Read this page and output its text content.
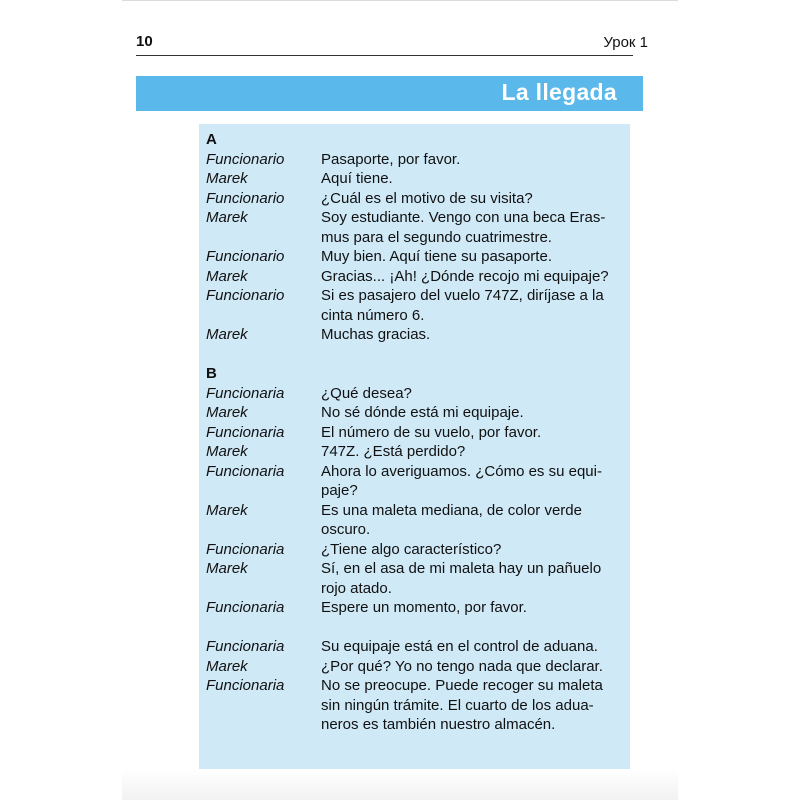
10	Урок 1
La llegada
A
Funcionario	Pasaporte, por favor.
Marek	Aquí tiene.
Funcionario	¿Cuál es el motivo de su visita?
Marek	Soy estudiante. Vengo con una beca Eras-
mus para el segundo cuatrimestre.
Funcionario	Muy bien. Aquí tiene su pasaporte.
Marek	Gracias... ¡Ah! ¿Dónde recojo mi equipaje?
Funcionario	Si es pasajero del vuelo 747Z, diríjase a la
cinta número 6.
Marek	Muchas gracias.
B
Funcionaria	¿Qué desea?
Marek	No sé dónde está mi equipaje.
Funcionaria	El número de su vuelo, por favor.
Marek	747Z. ¿Está perdido?
Funcionaria	Ahora lo averiguamos. ¿Cómo es su equi-
paje?
Marek	Es una maleta mediana, de color verde
oscuro.
Funcionaria	¿Tiene algo característico?
Marek	Sí, en el asa de mi maleta hay un pañuelo
rojo atado.
Funcionaria	Espere un momento, por favor.
Funcionaria	Su equipaje está en el control de aduana.
Marek	¿Por qué? Yo no tengo nada que declarar.
Funcionaria	No se preocupe. Puede recoger su maleta
sin ningún trámite. El cuarto de los adua-
neros es también nuestro almacén.
